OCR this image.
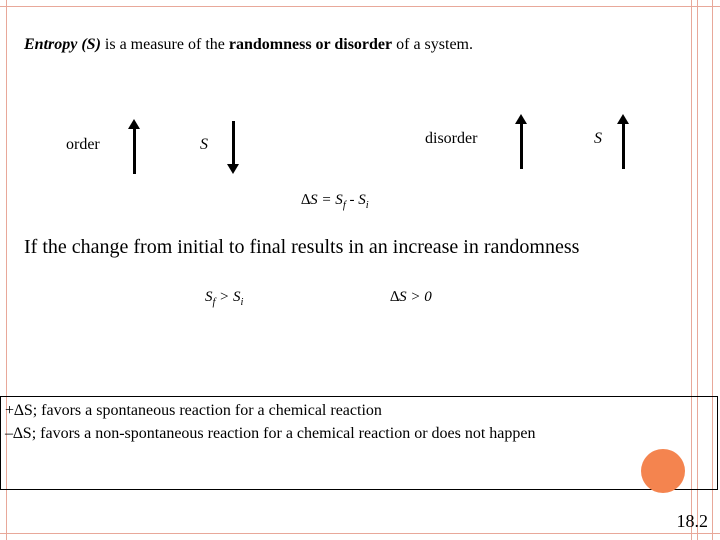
Entropy (S) is a measure of the randomness or disorder of a system.
order	S	disorder	S
$\Delta S = S_f - S_i$
If the change from initial to final results in an increase in randomness
$S_f > S_i$	∆S > 0
+∆S; favors a spontaneous reaction for a chemical reaction
–∆S; favors a non-spontaneous reaction for a chemical reaction or does not happen
18.2
